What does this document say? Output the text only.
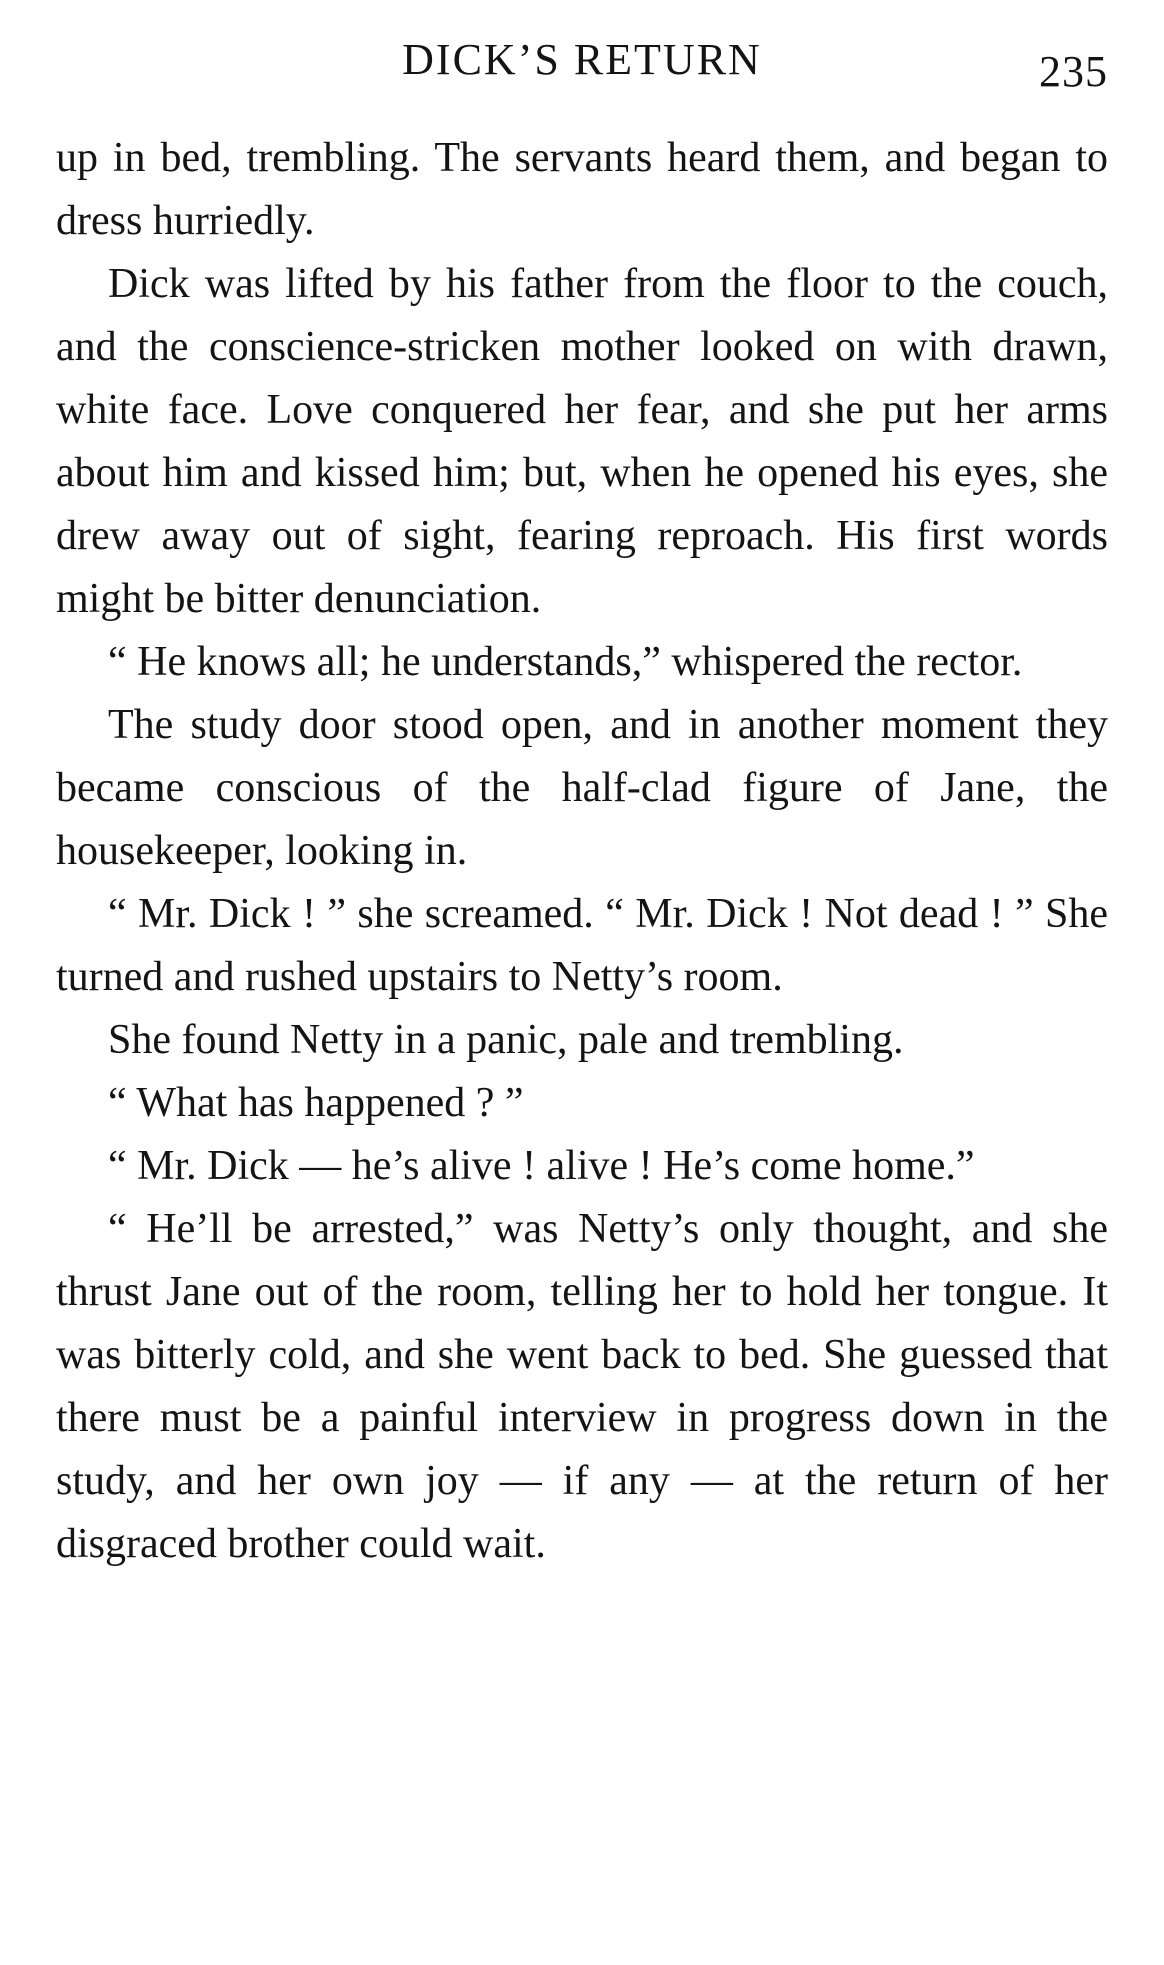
DICK’S RETURN	235

up in bed, trembling. The servants heard them, and began to dress hurriedly.

Dick was lifted by his father from the floor to the couch, and the conscience-stricken mother looked on with drawn, white face. Love conquered her fear, and she put her arms about him and kissed him; but, when he opened his eyes, she drew away out of sight, fearing reproach. His first words might be bitter denunciation.

“ He knows all; he understands,” whispered the rector.

The study door stood open, and in another moment they became conscious of the half-clad figure of Jane, the housekeeper, looking in.

“ Mr. Dick ! ” she screamed. “ Mr. Dick ! Not dead ! ” She turned and rushed upstairs to Netty’s room.

She found Netty in a panic, pale and trembling.

“ What has happened ? ”

“ Mr. Dick — he’s alive ! alive ! He’s come home.”

“ He’ll be arrested,” was Netty’s only thought, and she thrust Jane out of the room, telling her to hold her tongue. It was bitterly cold, and she went back to bed. She guessed that there must be a painful interview in progress down in the study, and her own joy — if any — at the return of her disgraced brother could wait.
